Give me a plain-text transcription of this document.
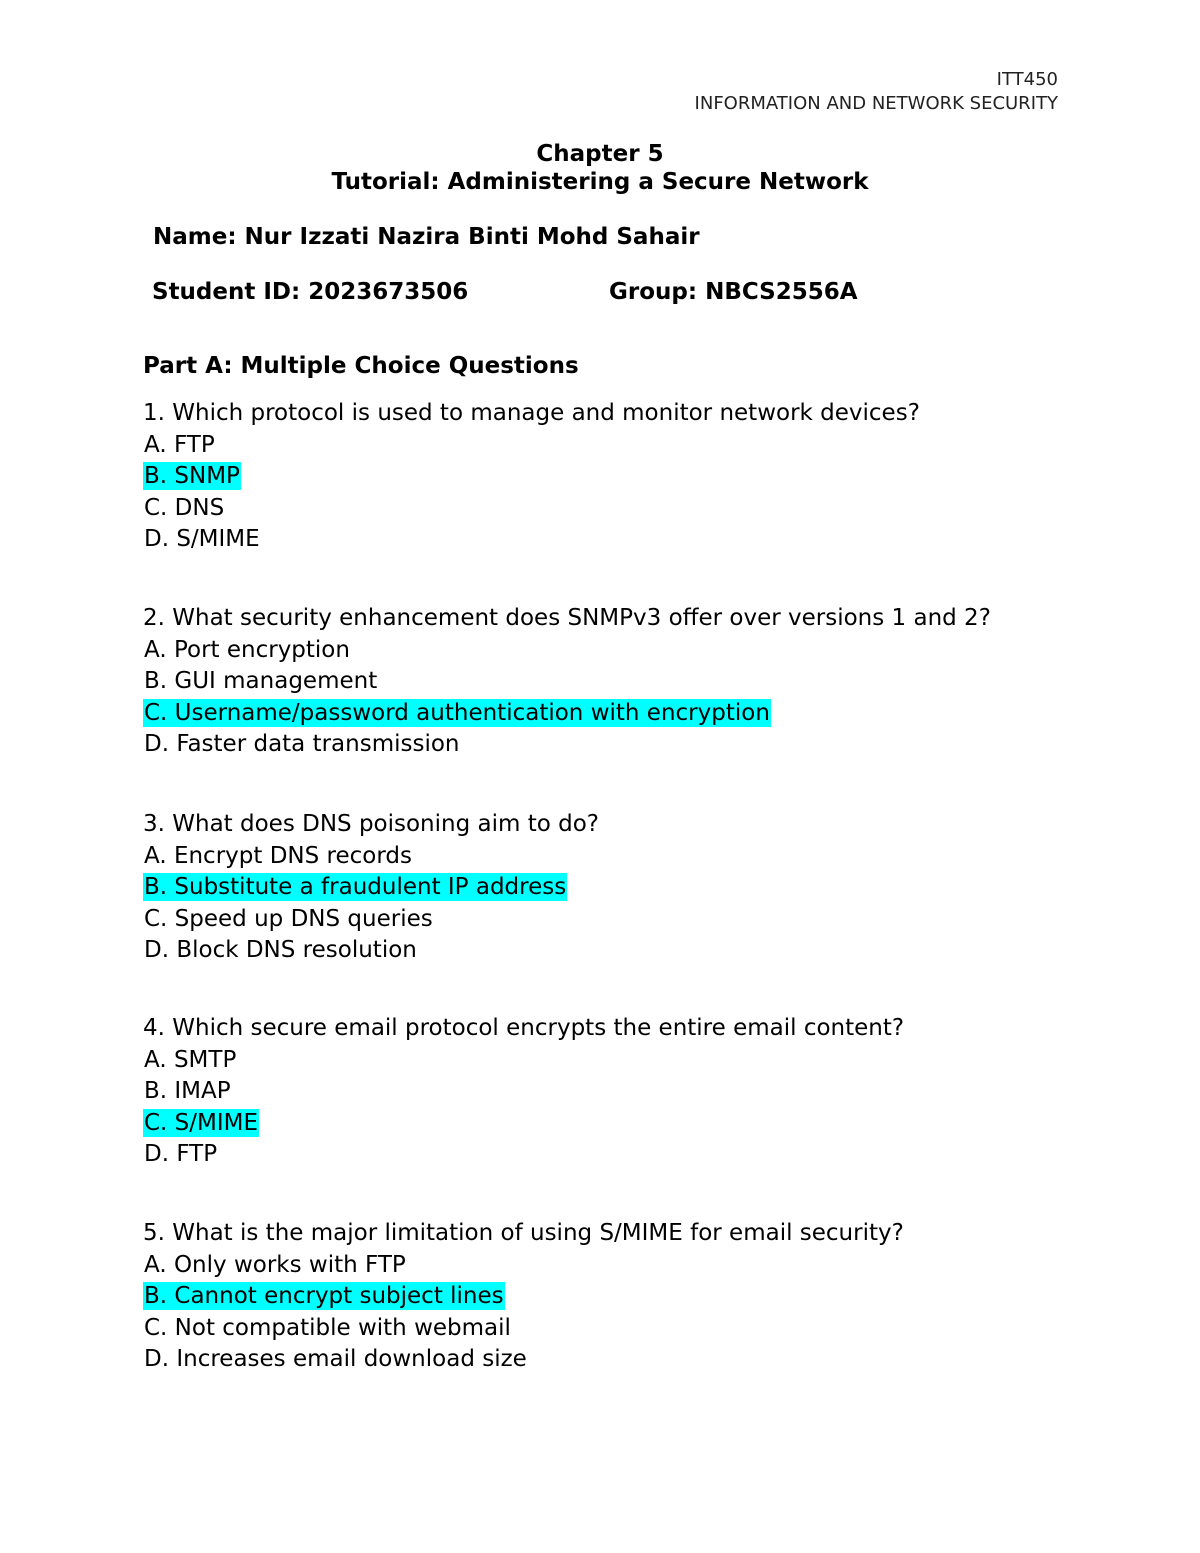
ITT450
INFORMATION AND NETWORK SECURITY
Chapter 5
Tutorial: Administering a Secure Network
Name: Nur Izzati Nazira Binti Mohd Sahair
Student ID: 2023673506	Group: NBCS2556A
Part A: Multiple Choice Questions
1. Which protocol is used to manage and monitor network devices?
A. FTP
B. SNMP
C. DNS
D. S/MIME
2. What security enhancement does SNMPv3 offer over versions 1 and 2?
A. Port encryption
B. GUI management
C. Username/password authentication with encryption
D. Faster data transmission
3. What does DNS poisoning aim to do?
A. Encrypt DNS records
B. Substitute a fraudulent IP address
C. Speed up DNS queries
D. Block DNS resolution
4. Which secure email protocol encrypts the entire email content?
A. SMTP
B. IMAP
C. S/MIME
D. FTP
5. What is the major limitation of using S/MIME for email security?
A. Only works with FTP
B. Cannot encrypt subject lines
C. Not compatible with webmail
D. Increases email download size
